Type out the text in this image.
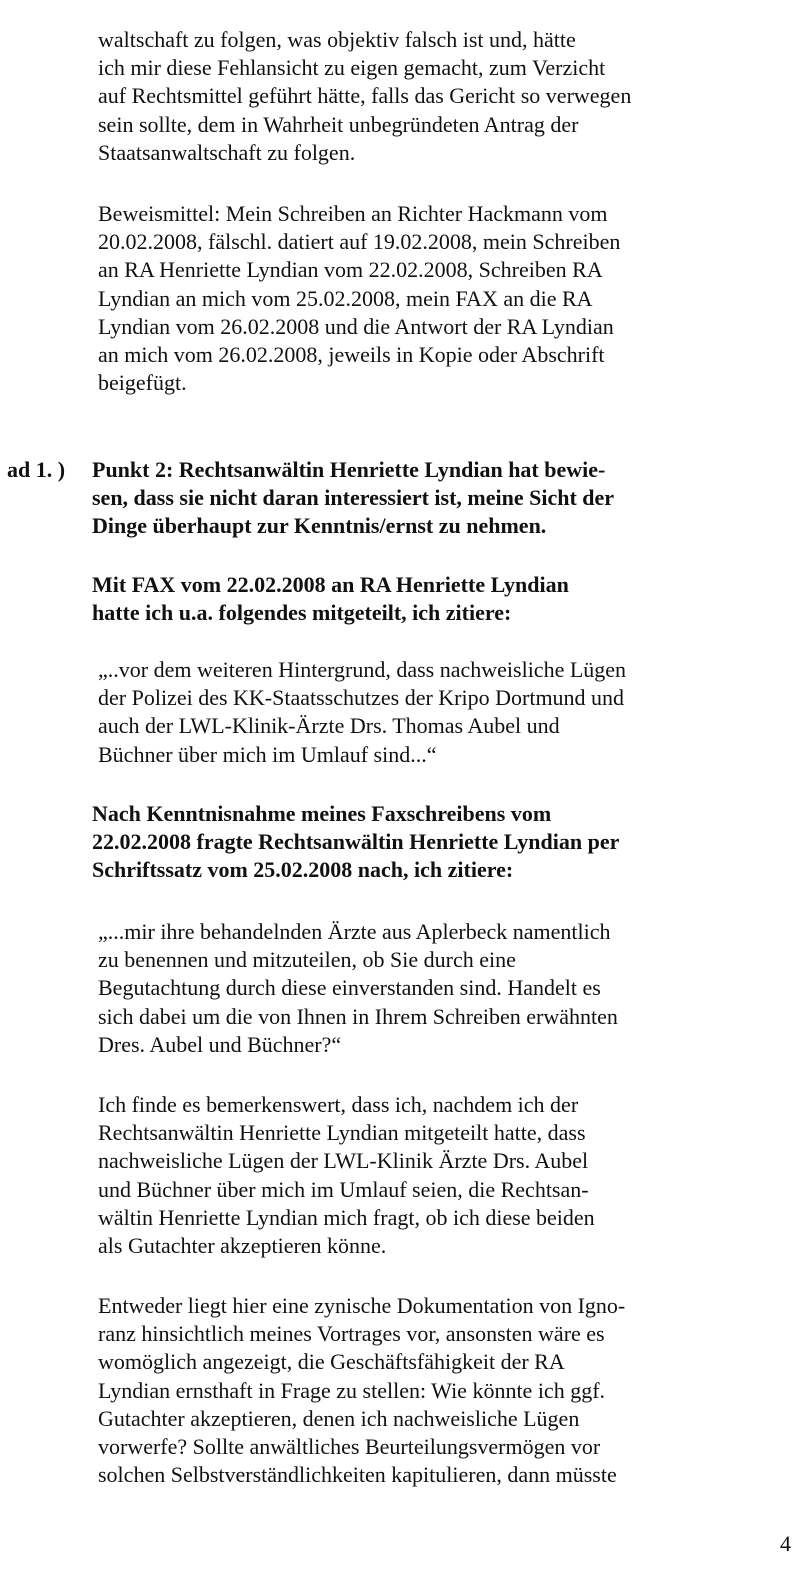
waltschaft zu folgen, was objektiv falsch ist und, hätte
ich mir diese Fehlansicht zu eigen gemacht, zum Verzicht
auf Rechtsmittel geführt hätte, falls das Gericht so verwegen
sein sollte, dem in Wahrheit unbegründeten Antrag der
Staatsanwaltschaft zu folgen.
Beweismittel: Mein Schreiben an Richter Hackmann vom
20.02.2008, fälschl. datiert auf 19.02.2008, mein Schreiben
an RA Henriette Lyndian vom 22.02.2008, Schreiben RA
Lyndian an mich vom 25.02.2008, mein FAX an die RA
Lyndian vom 26.02.2008 und die Antwort der RA Lyndian
an mich vom 26.02.2008, jeweils in Kopie oder Abschrift
beigefügt.
ad 1. ) Punkt 2: Rechtsanwältin Henriette Lyndian hat bewie-
sen, dass sie nicht daran interessiert ist, meine Sicht der
Dinge überhaupt zur Kenntnis/ernst zu nehmen.
Mit FAX vom 22.02.2008 an RA Henriette Lyndian
hatte ich u.a. folgendes mitgeteilt, ich zitiere:
„..vor dem weiteren Hintergrund, dass nachweisliche Lügen
der Polizei des KK-Staatsschutzes der Kripo Dortmund und
auch der LWL-Klinik-Ärzte Drs. Thomas Aubel und
Büchner über mich im Umlauf sind...“
Nach Kenntnisnahme meines Faxschreibens vom
22.02.2008 fragte Rechtsanwältin Henriette Lyndian per
Schriftssatz vom 25.02.2008 nach, ich zitiere:
„...mir ihre behandelnden Ärzte aus Aplerbeck namentlich
zu benennen und mitzuteilen, ob Sie durch eine
Begutachtung durch diese einverstanden sind. Handelt es
sich dabei um die von Ihnen in Ihrem Schreiben erwähnten
Dres. Aubel und Büchner?“
Ich finde es bemerkenswert, dass ich, nachdem ich der
Rechtsanwältin Henriette Lyndian mitgeteilt hatte, dass
nachweisliche Lügen der LWL-Klinik Ärzte Drs. Aubel
und Büchner über mich im Umlauf seien, die Rechtsan-
wältin Henriette Lyndian mich fragt, ob ich diese beiden
als Gutachter akzeptieren könne.
Entweder liegt hier eine zynische Dokumentation von Igno-
ranz hinsichtlich meines Vortrages vor, ansonsten wäre es
womöglich angezeigt, die Geschäftsfähigkeit der RA
Lyndian ernsthaft in Frage zu stellen: Wie könnte ich ggf.
Gutachter akzeptieren, denen ich nachweisliche Lügen
vorwerfe? Sollte anwältliches Beurteilungsvermögen vor
solchen Selbstverständlichkeiten kapitulieren, dann müsste
4
